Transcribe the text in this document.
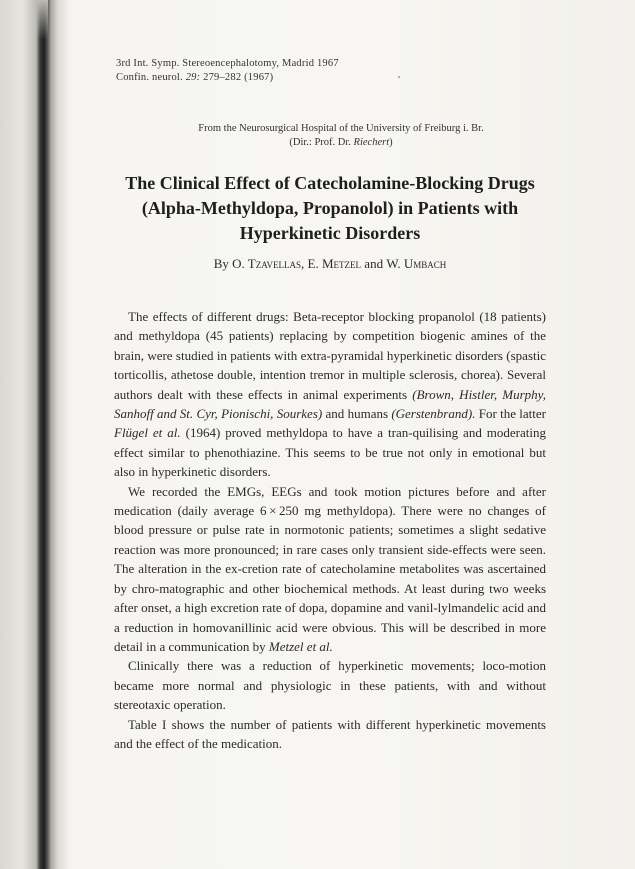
3rd Int. Symp. Stereoencephalotomy, Madrid 1967
Confin. neurol. 29: 279–282 (1967)
From the Neurosurgical Hospital of the University of Freiburg i. Br.
(Dir.: Prof. Dr. Riechert)
The Clinical Effect of Catecholamine-Blocking Drugs
(Alpha-Methyldopa, Propanolol) in Patients with
Hyperkinetic Disorders
By O. Tzavellas, E. Metzel and W. Umbach

The effects of different drugs: Beta-receptor blocking propanolol (18 patients) and methyldopa (45 patients) replacing by competition biogenic amines of the brain, were studied in patients with extra-pyramidal hyperkinetic disorders (spastic torticollis, athetose double, intention tremor in multiple sclerosis, chorea). Several authors dealt with these effects in animal experiments (Brown, Histler, Murphy, Sanhoff and St. Cyr, Pionischi, Sourkes) and humans (Gerstenbrand). For the latter Flügel et al. (1964) proved methyldopa to have a tran-quilising and moderating effect similar to phenothiazine. This seems to be true not only in emotional but also in hyperkinetic disorders.

We recorded the EMGs, EEGs and took motion pictures before and after medication (daily average 6 × 250 mg methyldopa). There were no changes of blood pressure or pulse rate in normotonic patients; sometimes a slight sedative reaction was more pronounced; in rare cases only transient side-effects were seen. The alteration in the ex-cretion rate of catecholamine metabolites was ascertained by chro-matographic and other biochemical methods. At least during two weeks after onset, a high excretion rate of dopa, dopamine and vanil-lylmandelic acid and a reduction in homovanillinic acid were obvious. This will be described in more detail in a communication by Metzel et al.

Clinically there was a reduction of hyperkinetic movements; loco-motion became more normal and physiologic in these patients, with and without stereotaxic operation.

Table I shows the number of patients with different hyperkinetic movements and the effect of the medication.
